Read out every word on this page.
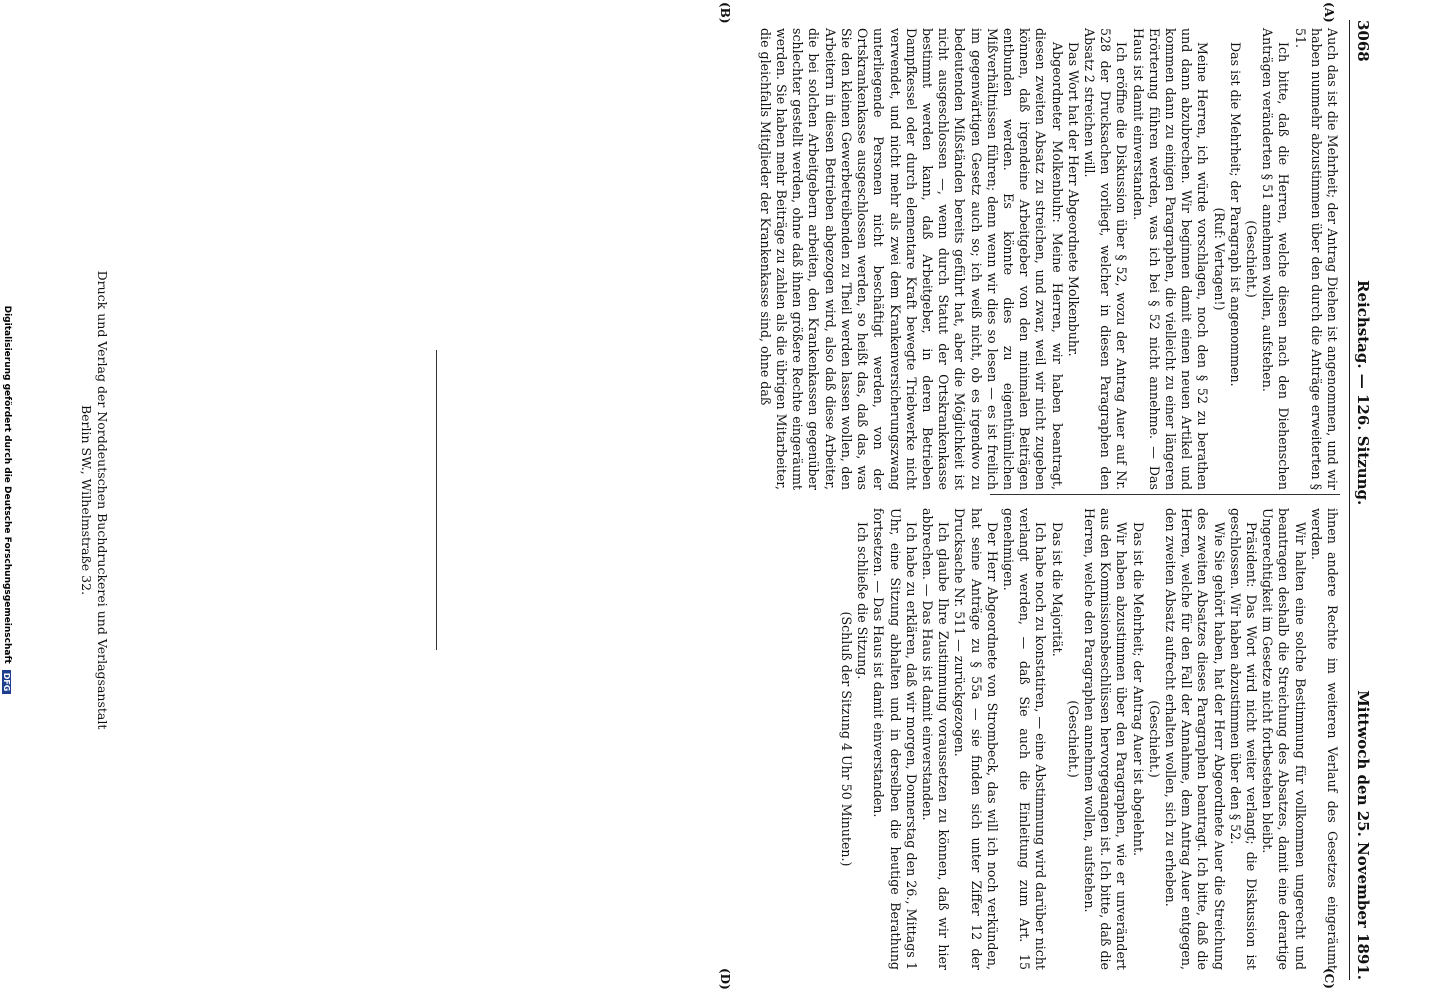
3068
Reichstag. — 126. Sitzung.
Mittwoch den 25. November 1891.
(A)
(B)
(C)
(D)

Auch das ist die Mehrheit; der Antrag Diehen ist angenommen, und wir haben nunmehr abzustimmen über den durch die Anträge erweiterten § 51.

Ich bitte, daß die Herren, welche diesen nach den Diehenschen Anträgen veränderten § 51 annehmen wollen, aufstehen.

(Geschieht.)

Das ist die Mehrheit; der Paragraph ist angenommen.

(Ruf: Vertagen!)

Meine Herren, ich würde vorschlagen, noch den § 52 zu berathen und dann abzubrechen. Wir beginnen damit einen neuen Artikel und kommen dann zu einigen Paragraphen, die vielleicht zu einer längeren Erörterung führen werden, was ich bei § 52 nicht annehme. — Das Haus ist damit einverstanden.

Ich eröffne die Diskussion über § 52, wozu der Antrag Auer auf Nr. 528 der Drucksachen vorliegt, welcher in diesen Paragraphen den Absatz 2 streichen will.

Das Wort hat der Herr Abgeordnete Molkenbuhr.

Abgeordneter Molkenbuhr: Meine Herren, wir haben beantragt, diesen zweiten Absatz zu streichen, und zwar, weil wir nicht zugeben können, daß irgendeine Arbeitgeber von den minimalen Beiträgen entbunden werden. Es könnte dies zu eigenthümlichen Mißverhältnissen führen; denn wenn wir dies so lesen — es ist freilich im gegenwärtigen Gesetz auch so; ich weiß nicht, ob es irgendwo zu bedeutenden Mißständen bereits geführt hat, aber die Möglichkeit ist nicht ausgeschlossen —, wenn durch Statut der Ortskrankenkasse bestimmt werden kann, daß Arbeitgeber, in deren Betrieben Dampfkessel oder durch elementare Kraft bewegte Triebwerke nicht verwendet, und nicht mehr als zwei dem Krankenversicherungszwang unterliegende Personen nicht beschäftigt werden, von der Ortskrankenkasse ausgeschlossen werden, so heißt das, daß das, was Sie den kleinen Gewerbetreibenden zu Theil werden lassen wollen, den Arbeitern in diesen Betrieben abgezogen wird, also daß diese Arbeiter, die bei solchen Arbeitgebern arbeiten, den Krankenkassen gegenüber schlechter gestellt werden, ohne daß ihnen größere Rechte eingeräumt werden. Sie haben mehr Beiträge zu zahlen als die übrigen Mitarbeiter, die gleichfalls Mitglieder der Krankenkasse sind, ohne daß

ihnen andere Rechte im weiteren Verlauf des Gesetzes eingeräumt werden.

Wir halten eine solche Bestimmung für vollkommen ungerecht und beantragen deshalb die Streichung des Absatzes, damit eine derartige Ungerechtigkeit im Gesetze nicht fortbestehen bleibt.

Präsident: Das Wort wird nicht weiter verlangt; die Diskussion ist geschlossen. Wir haben abzustimmen über den § 52.

Wie Sie gehört haben, hat der Herr Abgeordnete Auer die Streichung des zweiten Absatzes dieses Paragraphen beantragt. Ich bitte, daß die Herren, welche für den Fall der Annahme, dem Antrag Auer entgegen, den zweiten Absatz aufrecht erhalten wollen, sich zu erheben.

(Geschieht.)

Das ist die Mehrheit; der Antrag Auer ist abgelehnt.

Wir haben abzustimmen über den Paragraphen, wie er unverändert aus den Kommissionsbeschlüssen hervorgegangen ist. Ich bitte, daß die Herren, welche den Paragraphen annehmen wollen, aufstehen.

(Geschieht.)

Das ist die Majorität.

Ich habe noch zu konstatiren, — eine Abstimmung wird darüber nicht verlangt werden, — daß Sie auch die Einleitung zum Art. 15 genehmigen.

Der Herr Abgeordnete von Strombeck, das will ich noch verkünden, hat seine Anträge zu § 55a — sie finden sich unter Ziffer 12 der Drucksache Nr. 511 — zurückgezogen.

Ich glaube Ihre Zustimmung voraussetzen zu können, daß wir hier abbrechen. — Das Haus ist damit einverstanden.

Ich habe zu erklären, daß wir morgen, Donnerstag den 26., Mittags 1 Uhr, eine Sitzung abhalten und in derselben die heutige Berathung fortsetzen. — Das Haus ist damit einverstanden.

Ich schließe die Sitzung.

(Schluß der Sitzung 4 Uhr 50 Minuten.)

Druck und Verlag der Norddeutschen Buchdruckerei und Verlagsanstalt
Berlin SW., Wilhelmstraße 32.
Digitalisierung gefördert durch die Deutsche Forschungsgemeinschaft
DFG
